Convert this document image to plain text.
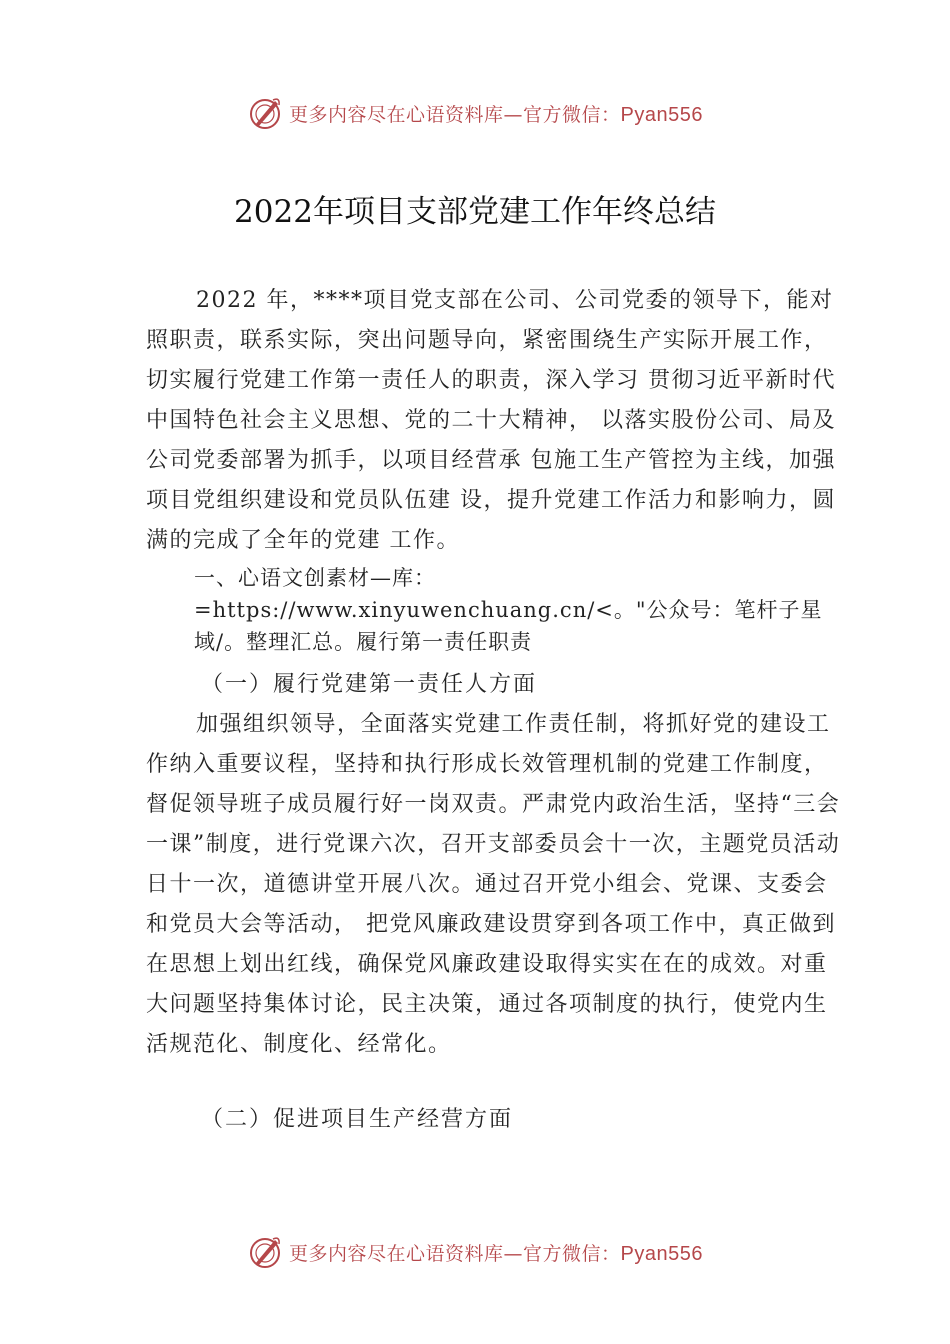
更多内容尽在心语资料库—官方微信：Pyan556
2022年项目支部党建工作年终总结

2022 年，****项目党支部在公司、公司党委的领导下，能对照职责，联系实际，突出问题导向，紧密围绕生产实际开展工作，切实履行党建工作第一责任人的职责，深入学习 贯彻习近平新时代中国特色社会主义思想、党的二十大精神， 以落实股份公司、局及公司党委部署为抓手，以项目经营承 包施工生产管控为主线，加强项目党组织建设和党员队伍建 设，提升党建工作活力和影响力，圆满的完成了全年的党建 工作。

一、心语文创素材—库：=https://www.xinyuwenchuang.cn/<。"公众号：笔杆子星域/。整理汇总。履行第一责任职责

（一）履行党建第一责任人方面

加强组织领导，全面落实党建工作责任制，将抓好党的建设工作纳入重要议程，坚持和执行形成长效管理机制的党建工作制度，督促领导班子成员履行好一岗双责。严肃党内政治生活，坚持“三会一课”制度，进行党课六次，召开支部委员会十一次，主题党员活动日十一次，道德讲堂开展八次。通过召开党小组会、党课、支委会和党员大会等活动， 把党风廉政建设贯穿到各项工作中，真正做到在思想上划出红线，确保党风廉政建设取得实实在在的成效。对重大问题坚持集体讨论，民主决策，通过各项制度的执行，使党内生活规范化、制度化、经常化。

（二）促进项目生产经营方面
更多内容尽在心语资料库—官方微信：Pyan556
